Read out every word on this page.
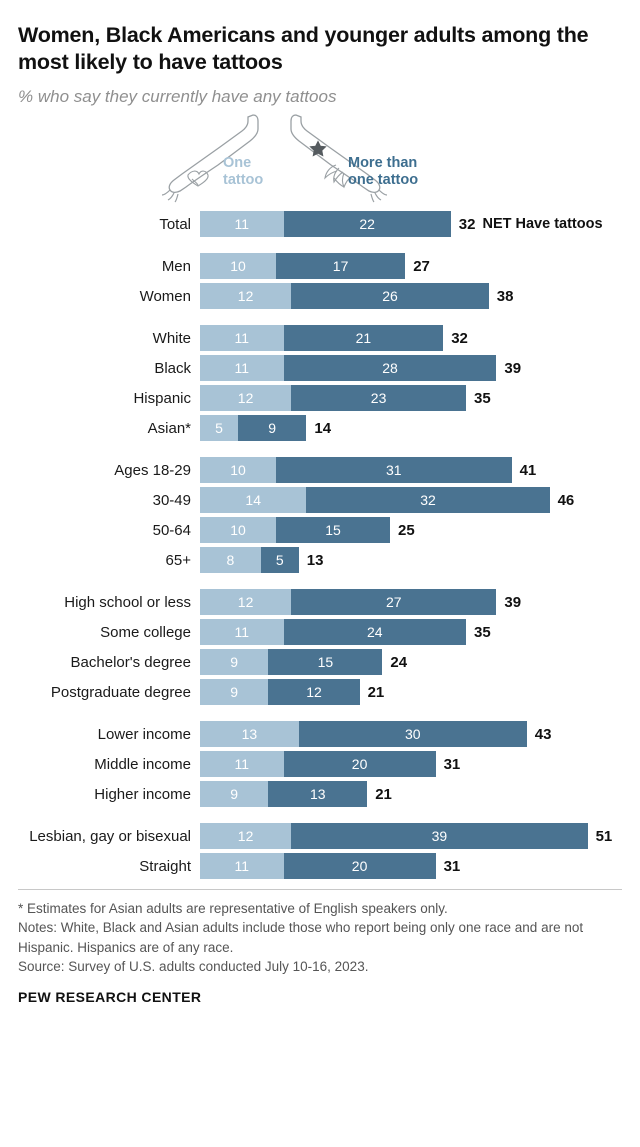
Women, Black Americans and younger adults among the most likely to have tattoos

% who say they currently have any tattoos

One
tattoo
More than
one tattoo
Total	11	22	32 NET Have tattoos
Men	10	17	27
Women	12	26	38
White	11	21	32
Black	11	28	39
Hispanic	12	23	35
Asian*	5	9	14
Ages 18-29	10	31	41
30-49	14	32	46
50-64	10	15	25
65+	8	5	13
High school or less	12	27	39
Some college	11	24	35
Bachelor's degree	9	15	24
Postgraduate degree	9	12	21
Lower income	13	30	43
Middle income	11	20	31
Higher income	9	13	21
Lesbian, gay or bisexual	12	39	51
Straight	11	20	31

* Estimates for Asian adults are representative of English speakers only.

Notes: White, Black and Asian adults include those who report being only one race and are not Hispanic. Hispanics are of any race.

Source: Survey of U.S. adults conducted July 10-16, 2023.

PEW RESEARCH CENTER
